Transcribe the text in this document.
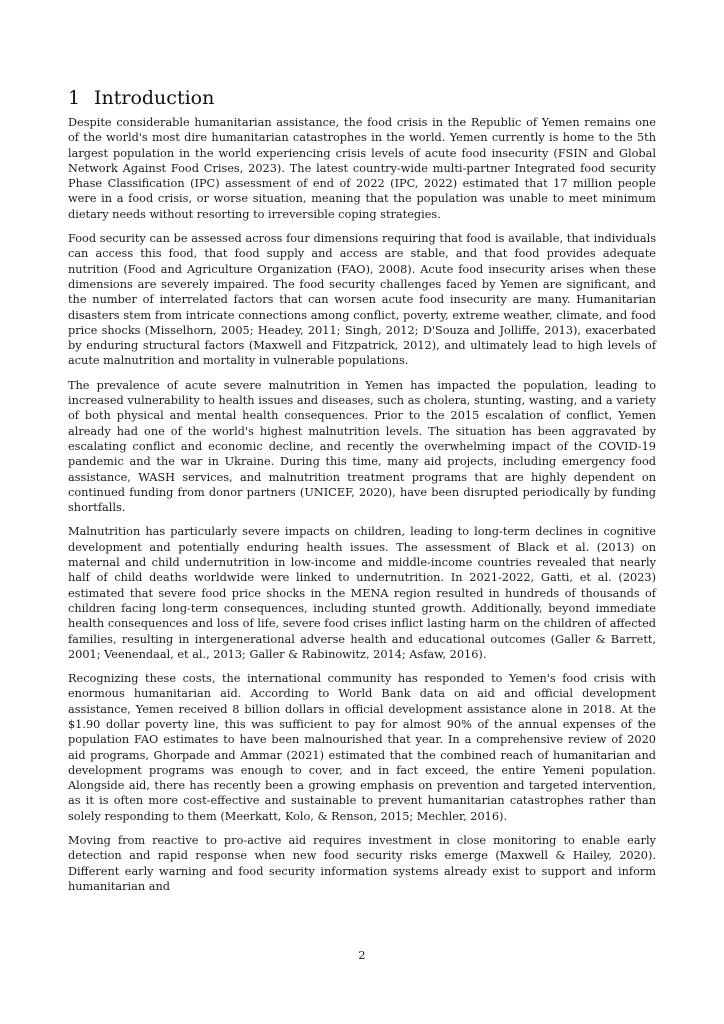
1 Introduction

Despite considerable humanitarian assistance, the food crisis in the Republic of Yemen remains one of the world's most dire humanitarian catastrophes in the world. Yemen currently is home to the 5th largest population in the world experiencing crisis levels of acute food insecurity (FSIN and Global Network Against Food Crises, 2023). The latest country-wide multi-partner Integrated food security Phase Classification (IPC) assessment of end of 2022 (IPC, 2022) estimated that 17 million people were in a food crisis, or worse situation, meaning that the population was unable to meet minimum dietary needs without resorting to irreversible coping strategies.

Food security can be assessed across four dimensions requiring that food is available, that individuals can access this food, that food supply and access are stable, and that food provides adequate nutrition (Food and Agriculture Organization (FAO), 2008). Acute food insecurity arises when these dimensions are severely impaired. The food security challenges faced by Yemen are significant, and the number of interrelated factors that can worsen acute food insecurity are many. Humanitarian disasters stem from intricate connections among conflict, poverty, extreme weather, climate, and food price shocks (Misselhorn, 2005; Headey, 2011; Singh, 2012; D'Souza and Jolliffe, 2013), exacerbated by enduring structural factors (Maxwell and Fitzpatrick, 2012), and ultimately lead to high levels of acute malnutrition and mortality in vulnerable populations.

The prevalence of acute severe malnutrition in Yemen has impacted the population, leading to increased vulnerability to health issues and diseases, such as cholera, stunting, wasting, and a variety of both physical and mental health consequences. Prior to the 2015 escalation of conflict, Yemen already had one of the world's highest malnutrition levels. The situation has been aggravated by escalating conflict and economic decline, and recently the overwhelming impact of the COVID-19 pandemic and the war in Ukraine. During this time, many aid projects, including emergency food assistance, WASH services, and malnutrition treatment programs that are highly dependent on continued funding from donor partners (UNICEF, 2020), have been disrupted periodically by funding shortfalls.

Malnutrition has particularly severe impacts on children, leading to long-term declines in cognitive development and potentially enduring health issues. The assessment of Black et al. (2013) on maternal and child undernutrition in low-income and middle-income countries revealed that nearly half of child deaths worldwide were linked to undernutrition. In 2021-2022, Gatti, et al. (2023) estimated that severe food price shocks in the MENA region resulted in hundreds of thousands of children facing long-term consequences, including stunted growth. Additionally, beyond immediate health consequences and loss of life, severe food crises inflict lasting harm on the children of affected families, resulting in intergenerational adverse health and educational outcomes (Galler & Barrett, 2001; Veenendaal, et al., 2013; Galler & Rabinowitz, 2014; Asfaw, 2016).

Recognizing these costs, the international community has responded to Yemen's food crisis with enormous humanitarian aid. According to World Bank data on aid and official development assistance, Yemen received 8 billion dollars in official development assistance alone in 2018. At the $1.90 dollar poverty line, this was sufficient to pay for almost 90% of the annual expenses of the population FAO estimates to have been malnourished that year. In a comprehensive review of 2020 aid programs, Ghorpade and Ammar (2021) estimated that the combined reach of humanitarian and development programs was enough to cover, and in fact exceed, the entire Yemeni population. Alongside aid, there has recently been a growing emphasis on prevention and targeted intervention, as it is often more cost-effective and sustainable to prevent humanitarian catastrophes rather than solely responding to them (Meerkatt, Kolo, & Renson, 2015; Mechler, 2016).

Moving from reactive to pro-active aid requires investment in close monitoring to enable early detection and rapid response when new food security risks emerge (Maxwell & Hailey, 2020). Different early warning and food security information systems already exist to support and inform humanitarian and

2
